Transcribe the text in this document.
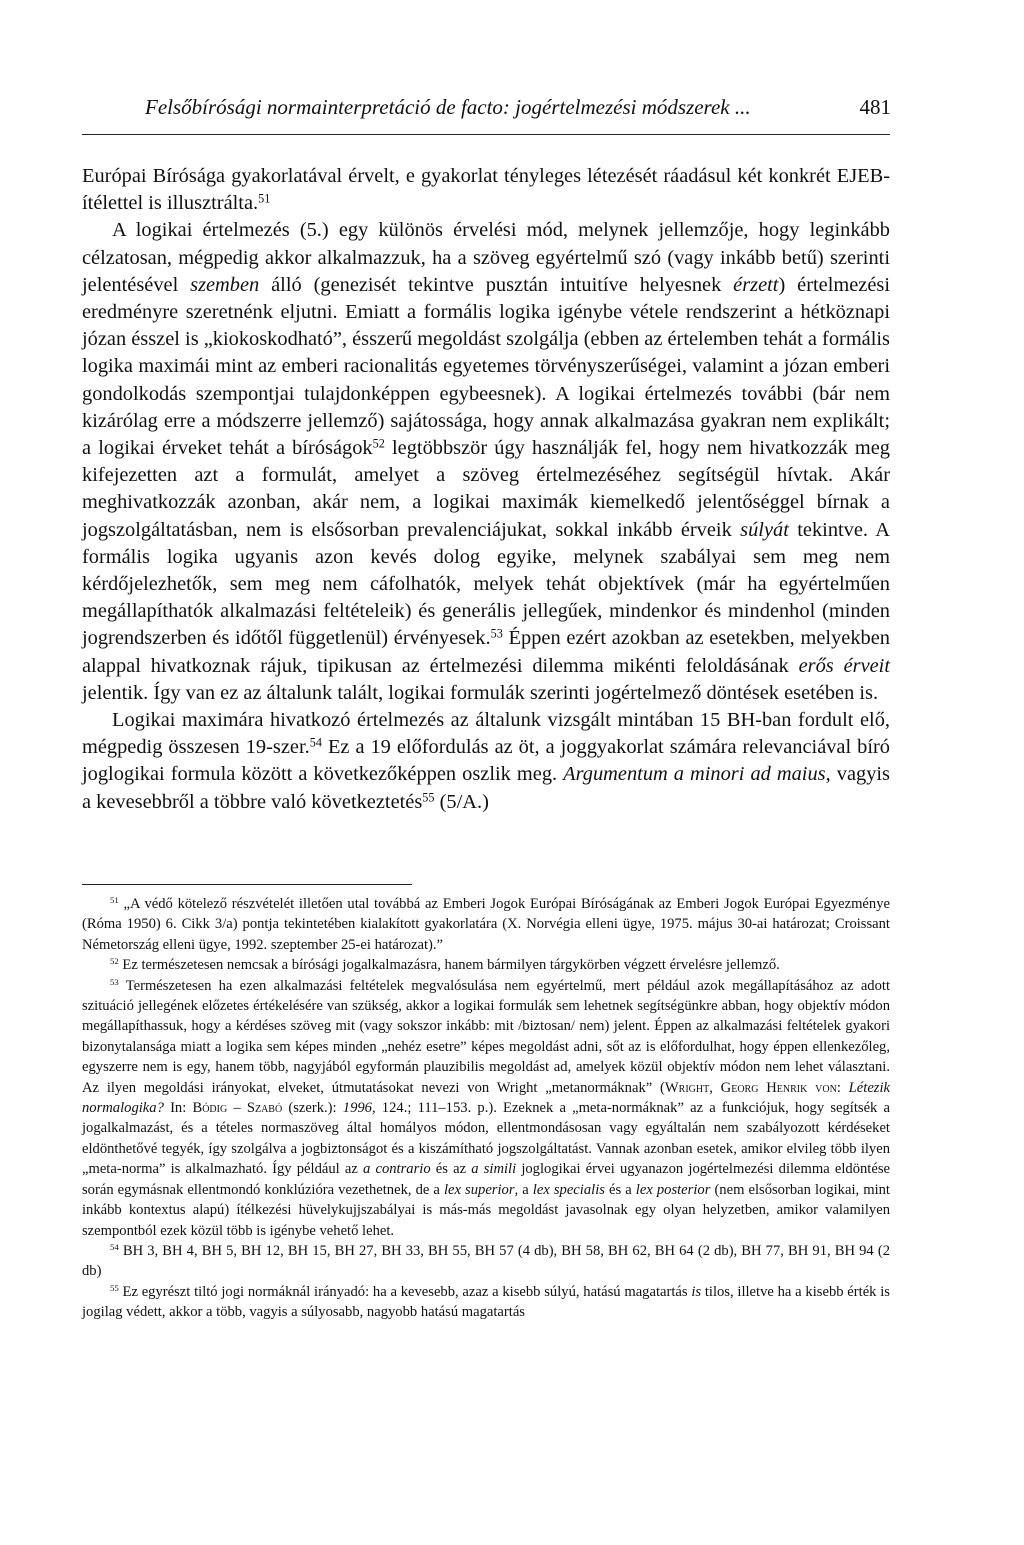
Felsőbírósági normainterpretáció de facto: jogértelmezési módszerek ...	481

Európai Bírósága gyakorlatával érvelt, e gyakorlat tényleges létezését ráadásul két konkrét EJEB-ítélettel is illusztrálta.$^{51}$

A logikai értelmezés (5.) egy különös érvelési mód, melynek jellemzője, hogy leginkább célzatosan, mégpedig akkor alkalmazzuk, ha a szöveg egyértelmű szó (vagy inkább betű) szerinti jelentésével szemben álló (genezisét tekintve pusztán intuitíve helyesnek érzett) értelmezési eredményre szeretnénk eljutni. Emiatt a formális logika igénybe vétele rendszerint a hétköznapi józan ésszel is „kiokoskodható”, ésszerű megoldást szolgálja (ebben az értelemben tehát a formális logika maximái mint az emberi racionalitás egyetemes törvényszerűségei, valamint a józan emberi gondolkodás szempontjai tulajdonképpen egybeesnek). A logikai értelmezés további (bár nem kizárólag erre a módszerre jellemző) sajátossága, hogy annak alkalmazása gyakran nem explikált; a logikai érveket tehát a bíróságok$^{52}$ legtöbbször úgy használják fel, hogy nem hivatkozzák meg kifejezetten azt a formulát, amelyet a szöveg értelmezéséhez segítségül hívtak. Akár meghivatkozzák azonban, akár nem, a logikai maximák kiemelkedő jelentőséggel bírnak a jogszolgáltatásban, nem is elsősorban prevalenciájukat, sokkal inkább érveik súlyát tekintve. A formális logika ugyanis azon kevés dolog egyike, melynek szabályai sem meg nem kérdőjelezhetők, sem meg nem cáfolhatók, melyek tehát objektívek (már ha egyértelműen megállapíthatók alkalmazási feltételeik) és generális jellegűek, mindenkor és mindenhol (minden jogrendszerben és időtől függetlenül) érvényesek.$^{53}$ Éppen ezért azokban az esetekben, melyekben alappal hivatkoznak rájuk, tipikusan az értelmezési dilemma mikénti feloldásának erős érveit jelentik. Így van ez az általunk talált, logikai formulák szerinti jogértelmező döntések esetében is.

Logikai maximára hivatkozó értelmezés az általunk vizsgált mintában 15 BH-ban fordult elő, mégpedig összesen 19-szer.$^{54}$ Ez a 19 előfordulás az öt, a joggyakorlat számára relevanciával bíró joglogikai formula között a következőképpen oszlik meg. Argumentum a minori ad maius, vagyis a kevesebbről a többre való következtetés$^{55}$ (5/A.)

$^{51}$ „A védő kötelező részvételét illetően utal továbbá az Emberi Jogok Európai Bíróságának az Emberi Jogok Európai Egyezménye (Róma 1950) 6. Cikk 3/a) pontja tekintetében kialakított gyakorlatára (X. Norvégia elleni ügye, 1975. május 30-ai határozat; Croissant Németország elleni ügye, 1992. szeptember 25-ei határozat).”

$^{52}$ Ez természetesen nemcsak a bírósági jogalkalmazásra, hanem bármilyen tárgykörben végzett érvelésre jellemző.

$^{53}$ Természetesen ha ezen alkalmazási feltételek megvalósulása nem egyértelmű, mert például azok megállapításához az adott szituáció jellegének előzetes értékelésére van szükség, akkor a logikai formulák sem lehetnek segítségünkre abban, hogy objektív módon megállapíthassuk, hogy a kérdéses szöveg mit (vagy sokszor inkább: mit /biztosan/ nem) jelent. Éppen az alkalmazási feltételek gyakori bizonytalansága miatt a logika sem képes minden „nehéz esetre” képes megoldást adni, sőt az is előfordulhat, hogy éppen ellenkezőleg, egyszerre nem is egy, hanem több, nagyjából egyformán plauzibilis megoldást ad, amelyek közül objektív módon nem lehet választani. Az ilyen megoldási irányokat, elveket, útmutatásokat nevezi von Wright „metanormáknak” (Wright, Georg Henrik von: Létezik normalogika? In: Bódig – Szabó (szerk.): 1996, 124.; 111–153. p.). Ezeknek a „meta-normáknak” az a funkciójuk, hogy segítsék a jogalkalmazást, és a tételes normaszöveg által homályos módon, ellentmondásosan vagy egyáltalán nem szabályozott kérdéseket eldönthetővé tegyék, így szolgálva a jogbiztonságot és a kiszámítható jogszolgáltatást. Vannak azonban esetek, amikor elvileg több ilyen „meta-norma” is alkalmazható. Így például az a contrario és az a simili joglogikai érvei ugyanazon jogértelmezési dilemma eldöntése során egymásnak ellentmondó konklúzióra vezethetnek, de a lex superior, a lex specialis és a lex posterior (nem elsősorban logikai, mint inkább kontextus alapú) ítélkezési hüvelykujjszabályai is más-más megoldást javasolnak egy olyan helyzetben, amikor valamilyen szempontból ezek közül több is igénybe vehető lehet.

$^{54}$ BH 3, BH 4, BH 5, BH 12, BH 15, BH 27, BH 33, BH 55, BH 57 (4 db), BH 58, BH 62, BH 64 (2 db), BH 77, BH 91, BH 94 (2 db)

$^{55}$ Ez egyrészt tiltó jogi normáknál irányadó: ha a kevesebb, azaz a kisebb súlyú, hatású magatartás is tilos, illetve ha a kisebb érték is jogilag védett, akkor a több, vagyis a súlyosabb, nagyobb hatású magatartás
